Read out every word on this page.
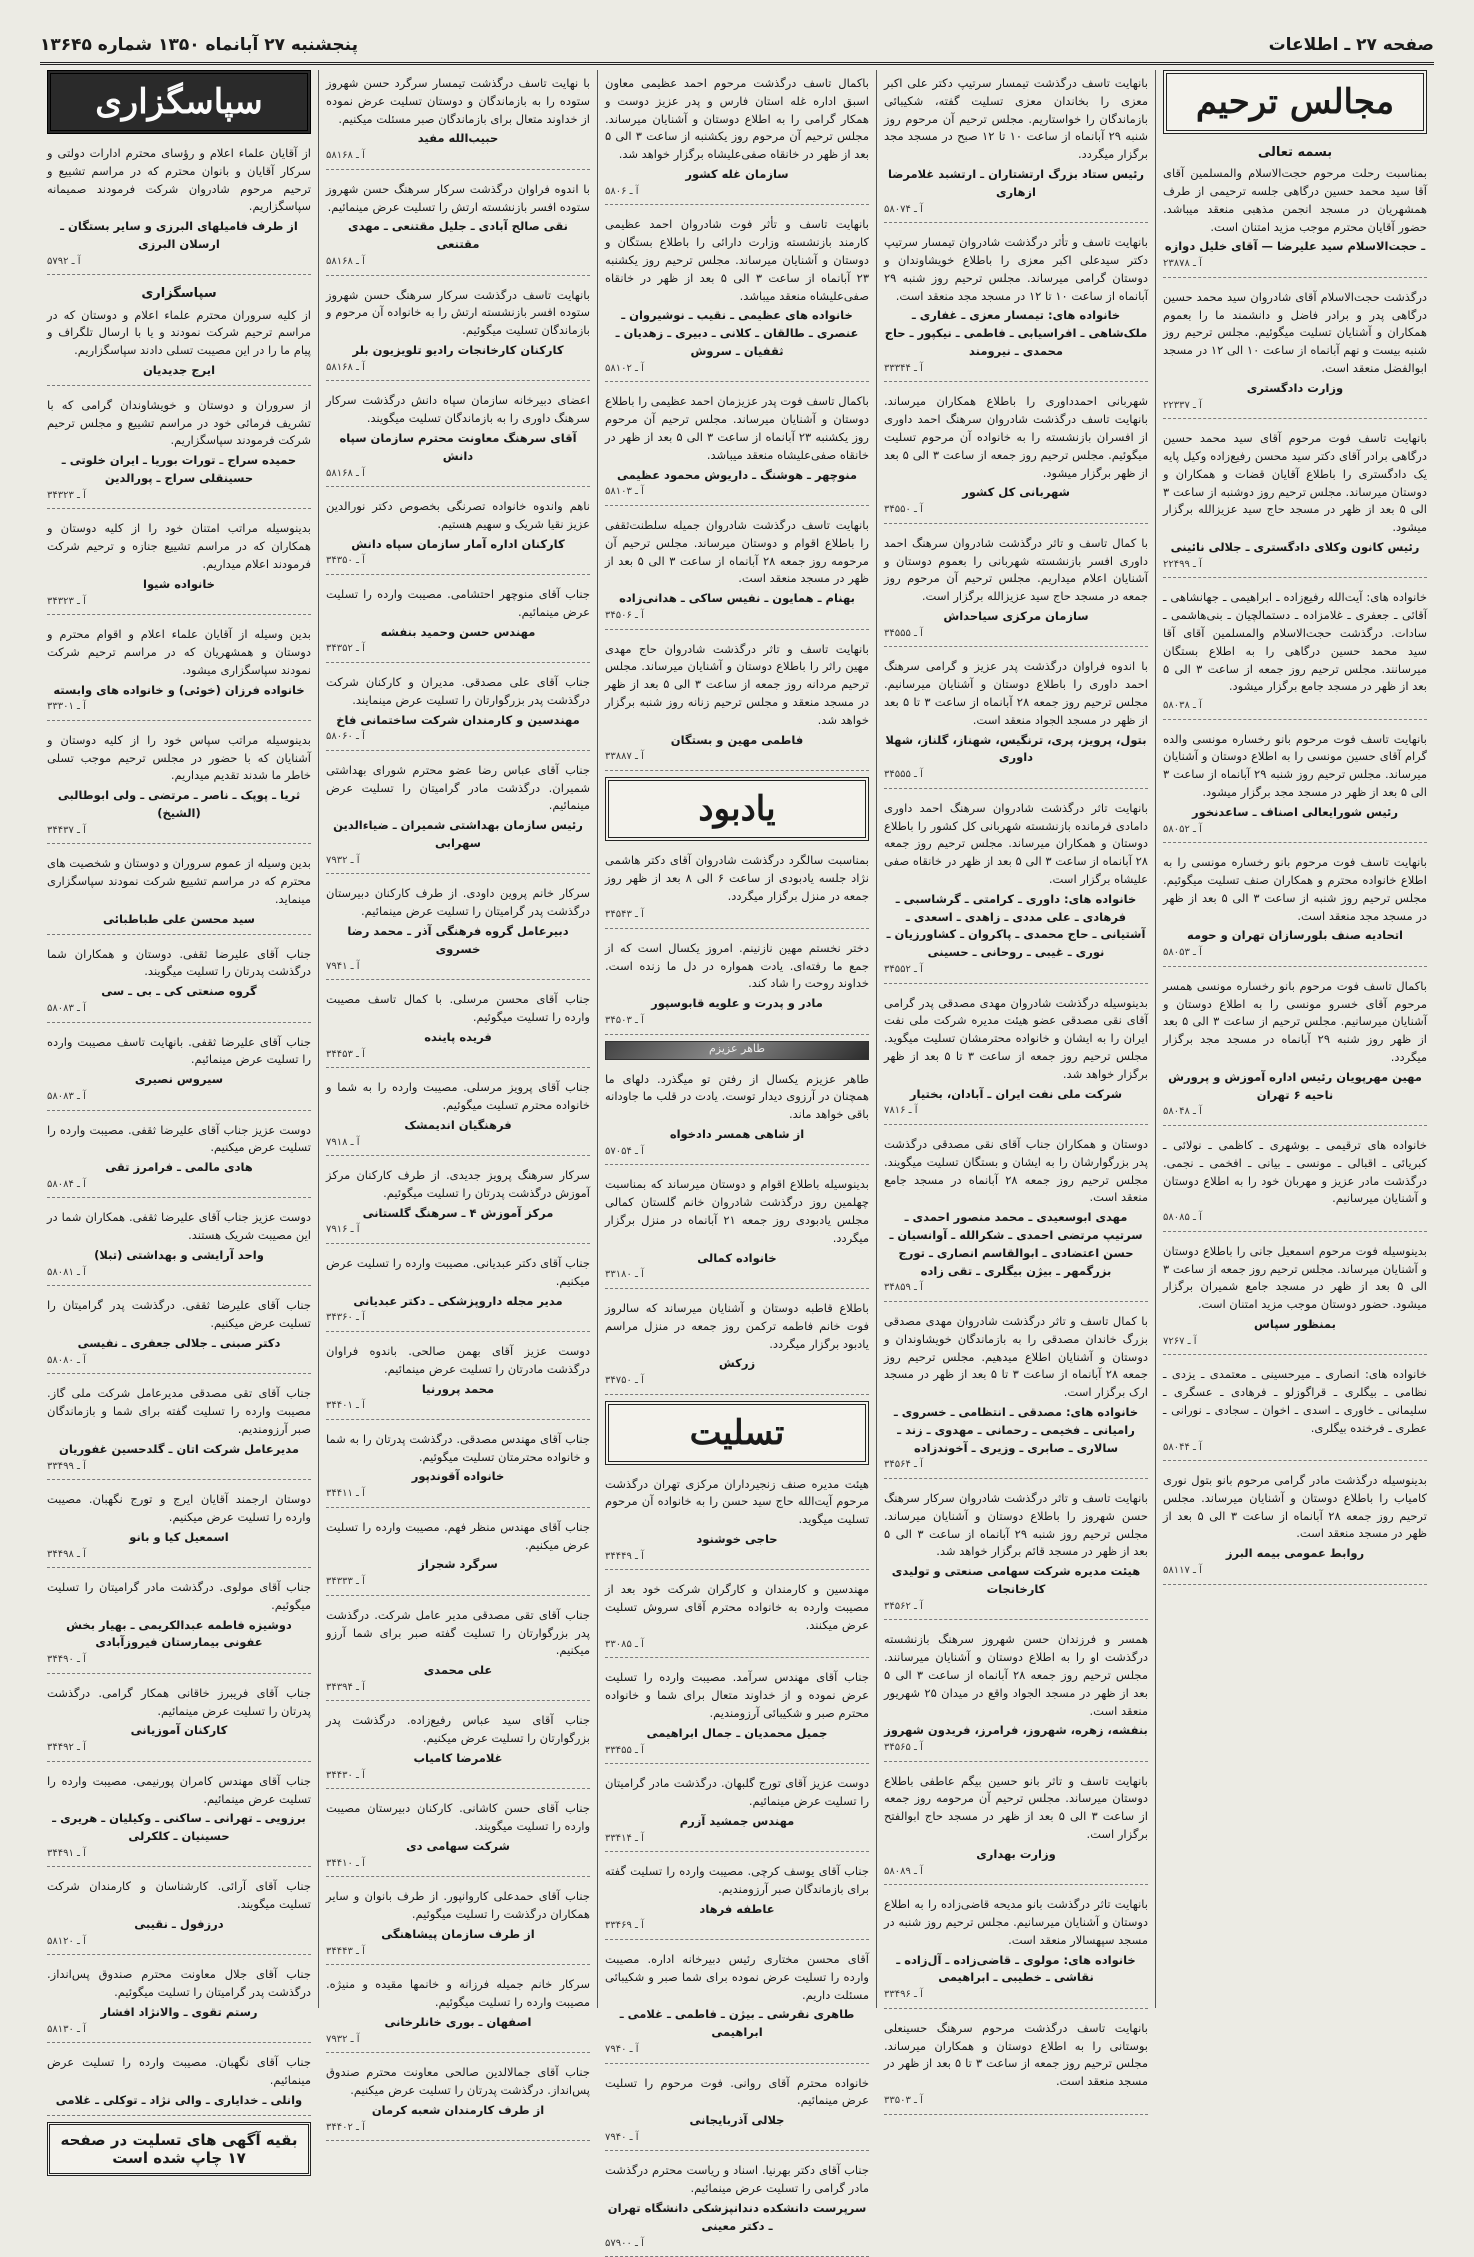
صفحه ۲۷ ـ اطلاعات
پنجشنبه ۲۷ آبانماه ۱۳۵۰ شماره ۱۳۶۴۵
مجالس ترحیم
بسمه تعالی
بمناسبت رحلت مرحوم حجت‌الاسلام والمسلمین آقای آقا سید محمد حسین درگاهی جلسه ترحیمی از طرف همشهریان در مسجد انجمن مذهبی منعقد میباشد. حضور آقایان محترم موجب مزید امتنان است.
ـ حجت‌الاسلام سید علیرضا — آقای خلیل دوازه
آ ـ ۲۳۸۷۸
درگذشت حجت‌الاسلام آقای شادروان سید محمد حسین درگاهی پدر و برادر فاضل و دانشمند ما را بعموم همکاران و آشنایان تسلیت میگوئیم. مجلس ترحیم روز شنبه بیست و نهم آبانماه از ساعت ۱۰ الی ۱۲ در مسجد ابوالفضل منعقد است.
وزارت دادگستری
آ ـ ۲۲۳۳۷
بانهایت تاسف فوت مرحوم آقای سید محمد حسین درگاهی برادر آقای دکتر سید محسن رفیع‌زاده وکیل پایه یک دادگستری را باطلاع آقایان قضات و همکاران و دوستان میرساند. مجلس ترحیم روز دوشنبه از ساعت ۳ الی ۵ بعد از ظهر در مسجد حاج سید عزیزالله برگزار میشود.
رئیس کانون وکلای دادگستری ـ جلالی نائینی
آ ـ ۲۲۴۹۹
خانواده های: آیت‌الله رفیع‌زاده ـ ابراهیمی ـ جهانشاهی ـ آقائی ـ جعفری ـ غلامزاده ـ دستمالچیان ـ بنی‌هاشمی ـ سادات. درگذشت حجت‌الاسلام والمسلمین آقای آقا سید محمد حسین درگاهی را به اطلاع بستگان میرسانند. مجلس ترحیم روز جمعه از ساعت ۳ الی ۵ بعد از ظهر در مسجد جامع برگزار میشود.
آ ـ ۵۸۰۳۸
بانهایت تاسف فوت مرحوم بانو رخساره مونسی والده گرام آقای حسین مونسی را به اطلاع دوستان و آشنایان میرساند. مجلس ترحیم روز شنبه ۲۹ آبانماه از ساعت ۳ الی ۵ بعد از ظهر در مسجد مجد برگزار میشود.
رئیس شورایعالی اصناف ـ ساعدنخور
آ ـ ۵۸۰۵۲
بانهایت تاسف فوت مرحوم بانو رخساره مونسی را به اطلاع خانواده محترم و همکاران صنف تسلیت میگوئیم. مجلس ترحیم روز شنبه از ساعت ۳ الی ۵ بعد از ظهر در مسجد مجد منعقد است.
اتحادیه صنف بلورسازان تهران و حومه
آ ـ ۵۸۰۵۳
باکمال تاسف فوت مرحوم بانو رخساره مونسی همسر مرحوم آقای خسرو مونسی را به اطلاع دوستان و آشنایان میرسانیم. مجلس ترحیم از ساعت ۳ الی ۵ بعد از ظهر روز شنبه ۲۹ آبانماه در مسجد مجد برگزار میگردد.
مهین مهرپویان رئیس اداره آموزش و پرورش ناحیه ۶ تهران
آ ـ ۵۸۰۴۸
خانواده های ترقیمی ـ بوشهری ـ کاظمی ـ نولائی ـ کبریائی ـ اقبالی ـ مونسی ـ بیانی ـ افخمی ـ نجمی. درگذشت مادر عزیز و مهربان خود را به اطلاع دوستان و آشنایان میرسانیم.
آ ـ ۵۸۰۸۵
بدینوسیله فوت مرحوم اسمعیل جانی را باطلاع دوستان و آشنایان میرساند. مجلس ترحیم روز جمعه از ساعت ۳ الی ۵ بعد از ظهر در مسجد جامع شمیران برگزار میشود. حضور دوستان موجب مزید امتنان است.
بمنظور سپاس
آ ـ ۷۲۶۷
خانواده های: انصاری ـ میرحسینی ـ معتمدی ـ یزدی ـ نظامی ـ بیگلری ـ قراگوزلو ـ فرهادی ـ عسگری ـ سلیمانی ـ خاوری ـ اسدی ـ اخوان ـ سجادی ـ نورانی ـ عطری ـ فرخنده بیگلری.
آ ـ ۵۸۰۴۴
بدینوسیله درگذشت مادر گرامی مرحوم بانو بتول نوری کامیاب را باطلاع دوستان و آشنایان میرساند. مجلس ترحیم روز جمعه ۲۸ آبانماه از ساعت ۳ الی ۵ بعد از ظهر در مسجد منعقد است.
روابط عمومی بیمه البرز
آ ـ ۵۸۱۱۷
بانهایت تاسف درگذشت تیمسار سرتیپ دکتر علی اکبر معزی را بخاندان معزی تسلیت گفته، شکیبائی بازماندگان را خواستاریم. مجلس ترحیم آن مرحوم روز شنبه ۲۹ آبانماه از ساعت ۱۰ تا ۱۲ صبح در مسجد مجد برگزار میگردد.
رئیس ستاد بزرگ ارتشتاران ـ ارتشبد غلامرضا ازهاری
آ ـ ۵۸۰۷۴
بانهایت تاسف و تأثر درگذشت شادروان تیمسار سرتیپ دکتر سیدعلی اکبر معزی را باطلاع خویشاوندان و دوستان گرامی میرساند. مجلس ترحیم روز شنبه ۲۹ آبانماه از ساعت ۱۰ تا ۱۲ در مسجد مجد منعقد است.
خانواده های: تیمسار معزی ـ غفاری ـ ملک‌شاهی ـ افراسیابی ـ فاطمی ـ نیکپور ـ حاج محمدی ـ نیرومند
آ ـ ۳۳۳۴۴
شهربانی احمدداوری را باطلاع همکاران میرساند. بانهایت تاسف درگذشت شادروان سرهنگ احمد داوری از افسران بازنشسته را به خانواده آن مرحوم تسلیت میگوئیم. مجلس ترحیم روز جمعه از ساعت ۳ الی ۵ بعد از ظهر برگزار میشود.
شهربانی کل کشور
آ ـ ۳۴۵۵۰
با کمال تاسف و تاثر درگذشت شادروان سرهنگ احمد داوری افسر بازنشسته شهربانی را بعموم دوستان و آشنایان اعلام میداریم. مجلس ترحیم آن مرحوم روز جمعه در مسجد حاج سید عزیزالله برگزار است.
سازمان مرکزی سیاحداش
آ ـ ۳۴۵۵۵
با اندوه فراوان درگذشت پدر عزیز و گرامی سرهنگ احمد داوری را باطلاع دوستان و آشنایان میرسانیم. مجلس ترحیم روز جمعه ۲۸ آبانماه از ساعت ۳ تا ۵ بعد از ظهر در مسجد الجواد منعقد است.
بتول، پرویز، پری، ترنگیس، شهناز، گلناز، شهلا داوری
آ ـ ۳۴۵۵۵
بانهایت تاثر درگذشت شادروان سرهنگ احمد داوری دامادی فرمانده بازنشسته شهربانی کل کشور را باطلاع دوستان و همکاران میرساند. مجلس ترحیم روز جمعه ۲۸ آبانماه از ساعت ۳ الی ۵ بعد از ظهر در خانقاه صفی علیشاه برگزار است.
خانواده های: داوری ـ کرامتی ـ گرشاسبی ـ فرهادی ـ علی مددی ـ زاهدی ـ اسعدی ـ آشتیانی ـ حاج محمدی ـ پاکروان ـ کشاورزیان ـ نوری ـ غیبی ـ روحانی ـ حسینی
آ ـ ۳۴۵۵۲
بدینوسیله درگذشت شادروان مهدی مصدقی پدر گرامی آقای نقی مصدقی عضو هیئت مدیره شرکت ملی نفت ایران را به ایشان و خانواده محترمشان تسلیت میگوید. مجلس ترحیم روز جمعه از ساعت ۳ تا ۵ بعد از ظهر برگزار خواهد شد.
شرکت ملی نفت ایران ـ آبادان، بختیار
آ ـ ۷۸۱۶
دوستان و همکاران جناب آقای نقی مصدقی درگذشت پدر بزرگوارشان را به ایشان و بستگان تسلیت میگویند. مجلس ترحیم روز جمعه ۲۸ آبانماه در مسجد جامع منعقد است.
مهدی ابوسعیدی ـ محمد منصور احمدی ـ سرتیپ مرتضی احمدی ـ شکرالله ـ آوانسیان ـ حسن اعتضادی ـ ابوالقاسم انصاری ـ تورج بزرگمهر ـ بیژن بیگلری ـ تقی زاده
آ ـ ۳۴۸۵۹
با کمال تاسف و تاثر درگذشت شادروان مهدی مصدقی بزرگ خاندان مصدقی را به بازماندگان خویشاوندان و دوستان و آشنایان اطلاع میدهیم. مجلس ترحیم روز جمعه ۲۸ آبانماه از ساعت ۳ تا ۵ بعد از ظهر در مسجد ارک برگزار است.
خانواده های: مصدقی ـ انتظامی ـ خسروی ـ رامیانی ـ فخیمی ـ رحمانی ـ مهدوی ـ زند ـ سالاری ـ صابری ـ وزیری ـ آخوندزاده
آ ـ ۳۴۵۶۴
بانهایت تاسف و تاثر درگذشت شادروان سرکار سرهنگ حسن شهروز را باطلاع دوستان و آشنایان میرساند. مجلس ترحیم روز شنبه ۲۹ آبانماه از ساعت ۳ الی ۵ بعد از ظهر در مسجد قائم برگزار خواهد شد.
هیئت مدیره شرکت سهامی صنعتی و تولیدی کارخانجات
آ ـ ۳۴۵۶۲
همسر و فرزندان حسن شهروز سرهنگ بازنشسته درگذشت او را به اطلاع دوستان و آشنایان میرسانند. مجلس ترحیم روز جمعه ۲۸ آبانماه از ساعت ۳ الی ۵ بعد از ظهر در مسجد الجواد واقع در میدان ۲۵ شهریور منعقد است.
بنفشه، زهره، شهروز، فرامرز، فریدون شهروز
آ ـ ۳۴۵۶۵
بانهایت تاسف و تاثر بانو حسین بیگم عاطفی باطلاع دوستان میرساند. مجلس ترحیم آن مرحومه روز جمعه از ساعت ۳ الی ۵ بعد از ظهر در مسجد حاج ابوالفتح برگزار است.
وزارت بهداری
آ ـ ۵۸۰۸۹
بانهایت تاثر درگذشت بانو مدیحه قاضی‌زاده را به اطلاع دوستان و آشنایان میرسانیم. مجلس ترحیم روز شنبه در مسجد سپهسالار منعقد است.
خانواده های: مولوی ـ قاضی‌زاده ـ آل‌زاده ـ نقاشی ـ خطیبی ـ ابراهیمی
آ ـ ۳۳۴۹۶
بانهایت تاسف درگذشت مرحوم سرهنگ حسینعلی بوستانی را به اطلاع دوستان و همکاران میرساند. مجلس ترحیم روز جمعه از ساعت ۳ تا ۵ بعد از ظهر در مسجد منعقد است.
آ ـ ۳۳۵۰۳
باکمال تاسف درگذشت مرحوم احمد عظیمی معاون اسبق اداره غله استان فارس و پدر عزیز دوست و همکار گرامی را به اطلاع دوستان و آشنایان میرساند. مجلس ترحیم آن مرحوم روز یکشنبه از ساعت ۳ الی ۵ بعد از ظهر در خانقاه صفی‌علیشاه برگزار خواهد شد.
سازمان غله کشور
آ ـ ۵۸۰۶
بانهایت تاسف و تأثر فوت شادروان احمد عظیمی کارمند بازنشسته وزارت دارائی را باطلاع بستگان و دوستان و آشنایان میرساند. مجلس ترحیم روز یکشنبه ۲۳ آبانماه از ساعت ۳ الی ۵ بعد از ظهر در خانقاه صفی‌علیشاه منعقد میباشد.
خانواده های عظیمی ـ نقیب ـ نوشیروان ـ عنصری ـ طالقان ـ کلانی ـ دبیری ـ زهدیان ـ ثقفیان ـ سروش
آ ـ ۵۸۱۰۲
باکمال تاسف فوت پدر عزیزمان احمد عظیمی را باطلاع دوستان و آشنایان میرساند. مجلس ترحیم آن مرحوم روز یکشنبه ۲۳ آبانماه از ساعت ۳ الی ۵ بعد از ظهر در خانقاه صفی‌علیشاه منعقد میباشد.
منوچهر ـ هوشنگ ـ داریوش محمود عظیمی
آ ـ ۵۸۱۰۳
بانهایت تاسف درگذشت شادروان جمیله سلطنت‌ثقفی را باطلاع اقوام و دوستان میرساند. مجلس ترحیم آن مرحومه روز جمعه ۲۸ آبانماه از ساعت ۳ الی ۵ بعد از ظهر در مسجد منعقد است.
بهنام ـ همایون ـ نفیس ساکی ـ هدانی‌زاده
آ ـ ۳۴۵۰۶
بانهایت تاسف و تاثر درگذشت شادروان حاج مهدی مهین راثر را باطلاع دوستان و آشنایان میرساند. مجلس ترحیم مردانه روز جمعه از ساعت ۳ الی ۵ بعد از ظهر در مسجد منعقد و مجلس ترحیم زنانه روز شنبه برگزار خواهد شد.
فاطمی مهین و بستگان
آ ـ ۳۳۸۸۷
یادبود
بمناسبت سالگرد درگذشت شادروان آقای دکتر هاشمی نژاد جلسه یادبودی از ساعت ۶ الی ۸ بعد از ظهر روز جمعه در منزل برگزار میگردد.
آ ـ ۳۴۵۴۳
دختر نخستم مهین نازنینم. امروز یکسال است که از جمع ما رفته‌ای. یادت همواره در دل ما زنده است. خداوند روحت را شاد کند.
مادر و پدرت و علویه قابوسپور
آ ـ ۳۴۵۰۳
طاهر عزیزم
طاهر عزیزم یکسال از رفتن تو میگذرد. دلهای ما همچنان در آرزوی دیدار توست. یادت در قلب ما جاودانه باقی خواهد ماند.
از شاهی همسر دادخواه
آ ـ ۵۷۰۵۴
بدینوسیله باطلاع اقوام و دوستان میرساند که بمناسبت چهلمین روز درگذشت شادروان خانم گلستان کمالی مجلس یادبودی روز جمعه ۲۱ آبانماه در منزل برگزار میگردد.
خانواده کمالی
آ ـ ۳۳۱۸۰
باطلاع قاطبه دوستان و آشنایان میرساند که سالروز فوت خانم فاطمه ترکمن روز جمعه در منزل مراسم یادبود برگزار میگردد.
زرکش
آ ـ ۳۴۷۵۰
تسلیت
هیئت مدیره صنف زنجیرداران مرکزی تهران درگذشت مرحوم آیت‌الله حاج سید حسن را به خانواده آن مرحوم تسلیت میگوید.
حاجی خوشنود
آ ـ ۳۴۴۴۹
مهندسین و کارمندان و کارگران شرکت خود بعد از مصیبت وارده به خانواده محترم آقای سروش تسلیت عرض میکنند.
آ ـ ۳۳۰۸۵
جناب آقای مهندس سرآمد. مصیبت وارده را تسلیت عرض نموده و از خداوند متعال برای شما و خانواده محترم صبر و شکیبائی آرزومندیم.
جمیل محمدیان ـ جمال ابراهیمی
آ ـ ۳۳۴۵۵
دوست عزیز آقای تورج گلبهان. درگذشت مادر گرامیتان را تسلیت عرض مینمائیم.
مهندس جمشید آزرم
آ ـ ۳۳۴۱۴
جناب آقای یوسف کرچی. مصیبت وارده را تسلیت گفته برای بازماندگان صبر آرزومندیم.
عاطفه فرهاد
آ ـ ۳۳۴۶۹
آقای محسن مختاری رئیس دبیرخانه اداره. مصیبت وارده را تسلیت عرض نموده برای شما صبر و شکیبائی مسئلت داریم.
طاهری نقرشی ـ بیژن ـ فاطمی ـ غلامی ـ ابراهیمی
آ ـ ۷۹۴۰
خانواده محترم آقای روانی. فوت مرحوم را تسلیت عرض مینمائیم.
جلالی آذربایجانی
آ ـ ۷۹۴۰
جناب آقای دکتر بهرنیا. اسناد و ریاست محترم درگذشت مادر گرامی را تسلیت عرض مینمائیم.
سرپرست دانشکده دندانپزشکی دانشگاه تهران ـ دکتر معینی
آ ـ ۵۷۹۰۰
با نهایت تاسف درگذشت تیمسار سرگرد حسن شهروز ستوده را به بازماندگان و دوستان تسلیت عرض نموده از خداوند متعال برای بازماندگان صبر مسئلت میکنیم.
حبیب‌الله مفید
آ ـ ۵۸۱۶۸
با اندوه فراوان درگذشت سرکار سرهنگ حسن شهروز ستوده افسر بازنشسته ارتش را تسلیت عرض مینمائیم.
نقی صالح آبادی ـ جلیل مقتنعی ـ مهدی مقتنعی
آ ـ ۵۸۱۶۸
بانهایت تاسف درگذشت سرکار سرهنگ حسن شهروز ستوده افسر بازنشسته ارتش را به خانواده آن مرحوم و بازماندگان تسلیت میگوئیم.
کارکنان کارخانجات رادیو تلویزیون بلر
آ ـ ۵۸۱۶۸
اعضای دبیرخانه سازمان سپاه دانش درگذشت سرکار سرهنگ داوری را به بازماندگان تسلیت میگویند.
آقای سرهنگ معاونت محترم سازمان سپاه دانش
آ ـ ۵۸۱۶۸
ناهم واندوه خانواده تصرنگی بخصوص دکتر نورالدین عزیز نقیا شریک و سهیم هستیم.
کارکنان اداره آمار سازمان سپاه دانش
آ ـ ۳۴۳۵۰
جناب آقای منوچهر احتشامی. مصیبت وارده را تسلیت عرض مینمائیم.
مهندس حسن وحمید بنفشه
آ ـ ۳۴۳۵۲
جناب آقای علی مصدقی. مدیران و کارکنان شرکت درگذشت پدر بزرگوارتان را تسلیت عرض مینمایند.
مهندسین و کارمندان شرکت ساختمانی فاخ
آ ـ ۵۸۰۶۰
جناب آقای عباس رضا عضو محترم شورای بهداشتی شمیران. درگذشت مادر گرامیتان را تسلیت عرض مینمائیم.
رئیس سازمان بهداشتی شمیران ـ ضیاءالدین سهرابی
آ ـ ۷۹۳۲
سرکار خانم پروین داودی. از طرف کارکنان دبیرستان درگذشت پدر گرامیتان را تسلیت عرض مینمائیم.
دبیرعامل گروه فرهنگی آذر ـ محمد رضا خسروی
آ ـ ۷۹۴۱
جناب آقای محسن مرسلی. با کمال تاسف مصیبت وارده را تسلیت میگوئیم.
فریده پاینده
آ ـ ۳۴۴۵۳
جناب آقای پرویز مرسلی. مصیبت وارده را به شما و خانواده محترم تسلیت میگوئیم.
فرهنگیان اندیمشک
آ ـ ۷۹۱۸
سرکار سرهنگ پرویز جدیدی. از طرف کارکنان مرکز آموزش درگذشت پدرتان را تسلیت میگوئیم.
مرکز آموزش ۴ ـ سرهنگ گلستانی
آ ـ ۷۹۱۶
جناب آقای دکتر عبدیانی. مصیبت وارده را تسلیت عرض میکنیم.
مدیر مجله داروپزشکی ـ دکتر عبدیانی
آ ـ ۳۴۳۶۰
دوست عزیز آقای بهمن صالحی. باندوه فراوان درگذشت مادرتان را تسلیت عرض مینمائیم.
محمد پرورنیا
آ ـ ۳۴۴۰۱
جناب آقای مهندس مصدقی. درگذشت پدرتان را به شما و خانواده محترمتان تسلیت میگوئیم.
خانواده آقوندپور
آ ـ ۳۴۴۱۱
جناب آقای مهندس منظر فهم. مصیبت وارده را تسلیت عرض میکنیم.
سرگرد شجراز
آ ـ ۳۴۳۳۳
جناب آقای تقی مصدقی مدیر عامل شرکت. درگذشت پدر بزرگوارتان را تسلیت گفته صبر برای شما آرزو میکنیم.
علی محمدی
آ ـ ۳۴۳۹۴
جناب آقای سید عباس رفیع‌زاده. درگذشت پدر بزرگوارتان را تسلیت عرض میکنیم.
غلامرضا کامیاب
آ ـ ۳۴۴۳۰
جناب آقای حسن کاشانی. کارکنان دبیرستان مصیبت وارده را تسلیت میگویند.
شرکت سهامی دی
آ ـ ۳۴۴۱۰
جناب آقای حمدعلی کاروانپور. از طرف بانوان و سایر همکاران درگذشت را تسلیت میگوئیم.
از طرف سازمان پیشاهنگی
آ ـ ۳۴۴۴۳
سرکار خانم جمیله فرزانه و خانمها مقیده و منیژه. مصیبت وارده را تسلیت میگوئیم.
اصفهان ـ بوری خانلرخانی
آ ـ ۷۹۳۲
جناب آقای جمالالدین صالحی معاونت محترم صندوق پس‌انداز. درگذشت پدرتان را تسلیت عرض میکنیم.
از طرف کارمندان شعبه کرمان
آ ـ ۳۴۴۰۲
سپاسگزاری
از آقایان علماء اعلام و رؤسای محترم ادارات دولتی و سرکار آقایان و بانوان محترم که در مراسم تشییع و ترحیم مرحوم شادروان شرکت فرمودند صمیمانه سپاسگزاریم.
از طرف فامیلهای البرزی و سایر بستگان ـ ارسلان البرزی
آ ـ ۵۷۹۲
سپاسگزاری
از کلیه سروران محترم علماء اعلام و دوستان که در مراسم ترحیم شرکت نمودند و یا با ارسال تلگراف و پیام ما را در این مصیبت تسلی دادند سپاسگزاریم.
ایرج جدیدیان
از سروران و دوستان و خویشاوندان گرامی که با تشریف فرمائی خود در مراسم تشییع و مجلس ترحیم شرکت فرمودند سپاسگزاریم.
حمیده سراج ـ تورات بوریا ـ ایران خلوتی ـ حسینقلی سراج ـ پورالدین
آ ـ ۳۴۳۲۳
بدینوسیله مراتب امتنان خود را از کلیه دوستان و همکاران که در مراسم تشییع جنازه و ترحیم شرکت فرمودند اعلام میداریم.
خانواده شیوا
آ ـ ۳۴۳۲۳
بدین وسیله از آقایان علماء اعلام و اقوام محترم و دوستان و همشهریان که در مراسم ترحیم شرکت نمودند سپاسگزاری میشود.
خانواده فرزان (خوئی) و خانواده های وابسته
آ ـ ۳۳۳۰۱
بدینوسیله مراتب سپاس خود را از کلیه دوستان و آشنایان که با حضور در مجلس ترحیم موجب تسلی خاطر ما شدند تقدیم میداریم.
ثریا ـ پوپک ـ ناصر ـ مرتضی ـ ولی ابوطالبی (الشیخ)
آ ـ ۳۴۴۳۷
بدین وسیله از عموم سروران و دوستان و شخصیت های محترم که در مراسم تشییع شرکت نمودند سپاسگزاری مینماید.
سید محسن علی طباطبائی
جناب آقای علیرضا ثقفی. دوستان و همکاران شما درگذشت پدرتان را تسلیت میگویند.
گروه صنعتی کی ـ بی ـ سی
آ ـ ۵۸۰۸۳
جناب آقای علیرضا ثقفی. بانهایت تاسف مصیبت وارده را تسلیت عرض مینمائیم.
سیروس نصیری
آ ـ ۵۸۰۸۳
دوست عزیز جناب آقای علیرضا ثقفی. مصیبت وارده را تسلیت عرض میکنیم.
هادی مالمی ـ فرامرز تقی
آ ـ ۵۸۰۸۴
دوست عزیز جناب آقای علیرضا ثقفی. همکاران شما در این مصیبت شریک هستند.
واحد آرایشی و بهداشتی (تبلا)
آ ـ ۵۸۰۸۱
جناب آقای علیرضا ثقفی. درگذشت پدر گرامیتان را تسلیت عرض میکنیم.
دکتر صبنی ـ جلالی جعفری ـ نفیسی
آ ـ ۵۸۰۸۰
جناب آقای تقی مصدقی مدیرعامل شرکت ملی گاز. مصیبت وارده را تسلیت گفته برای شما و بازماندگان صبر آرزومندیم.
مدیرعامل شرکت اتان ـ گلدحسین غفوریان
آ ـ ۳۳۴۹۹
دوستان ارجمند آقایان ایرج و تورج نگهبان. مصیبت وارده را تسلیت عرض میکنیم.
اسمعیل کیا و بانو
آ ـ ۳۴۴۹۸
جناب آقای مولوی. درگذشت مادر گرامیتان را تسلیت میگوئیم.
دوشیزه فاطمه عبدالکریمی ـ بهیار بخش عفونی بیمارستان فیروزآبادی
آ ـ ۳۴۴۹۰
جناب آقای فریبرز خاقانی همکار گرامی. درگذشت پدرتان را تسلیت عرض مینمائیم.
کارکنان آموزیانی
آ ـ ۳۴۴۹۲
جناب آقای مهندس کامران پورنیمی. مصیبت وارده را تسلیت عرض مینمائیم.
برزویی ـ تهرانی ـ ساکنی ـ وکیلیان ـ هریری ـ حسینیان ـ کلکرلی
آ ـ ۳۴۴۹۱
جناب آقای آرائی. کارشناسان و کارمندان شرکت تسلیت میگویند.
درزفول ـ نقیبی
آ ـ ۵۸۱۲۰
جناب آقای جلال معاونت محترم صندوق پس‌انداز. درگذشت پدر گرامیتان را تسلیت میگوئیم.
رستم تقوی ـ والانژاد افشار
آ ـ ۵۸۱۳۰
جناب آقای نگهبان. مصیبت وارده را تسلیت عرض مینمائیم.
وانلی ـ خدایاری ـ والی نژاد ـ توکلی ـ غلامی
بقیه آگهی های تسلیت در صفحه ۱۷ چاپ شده است
